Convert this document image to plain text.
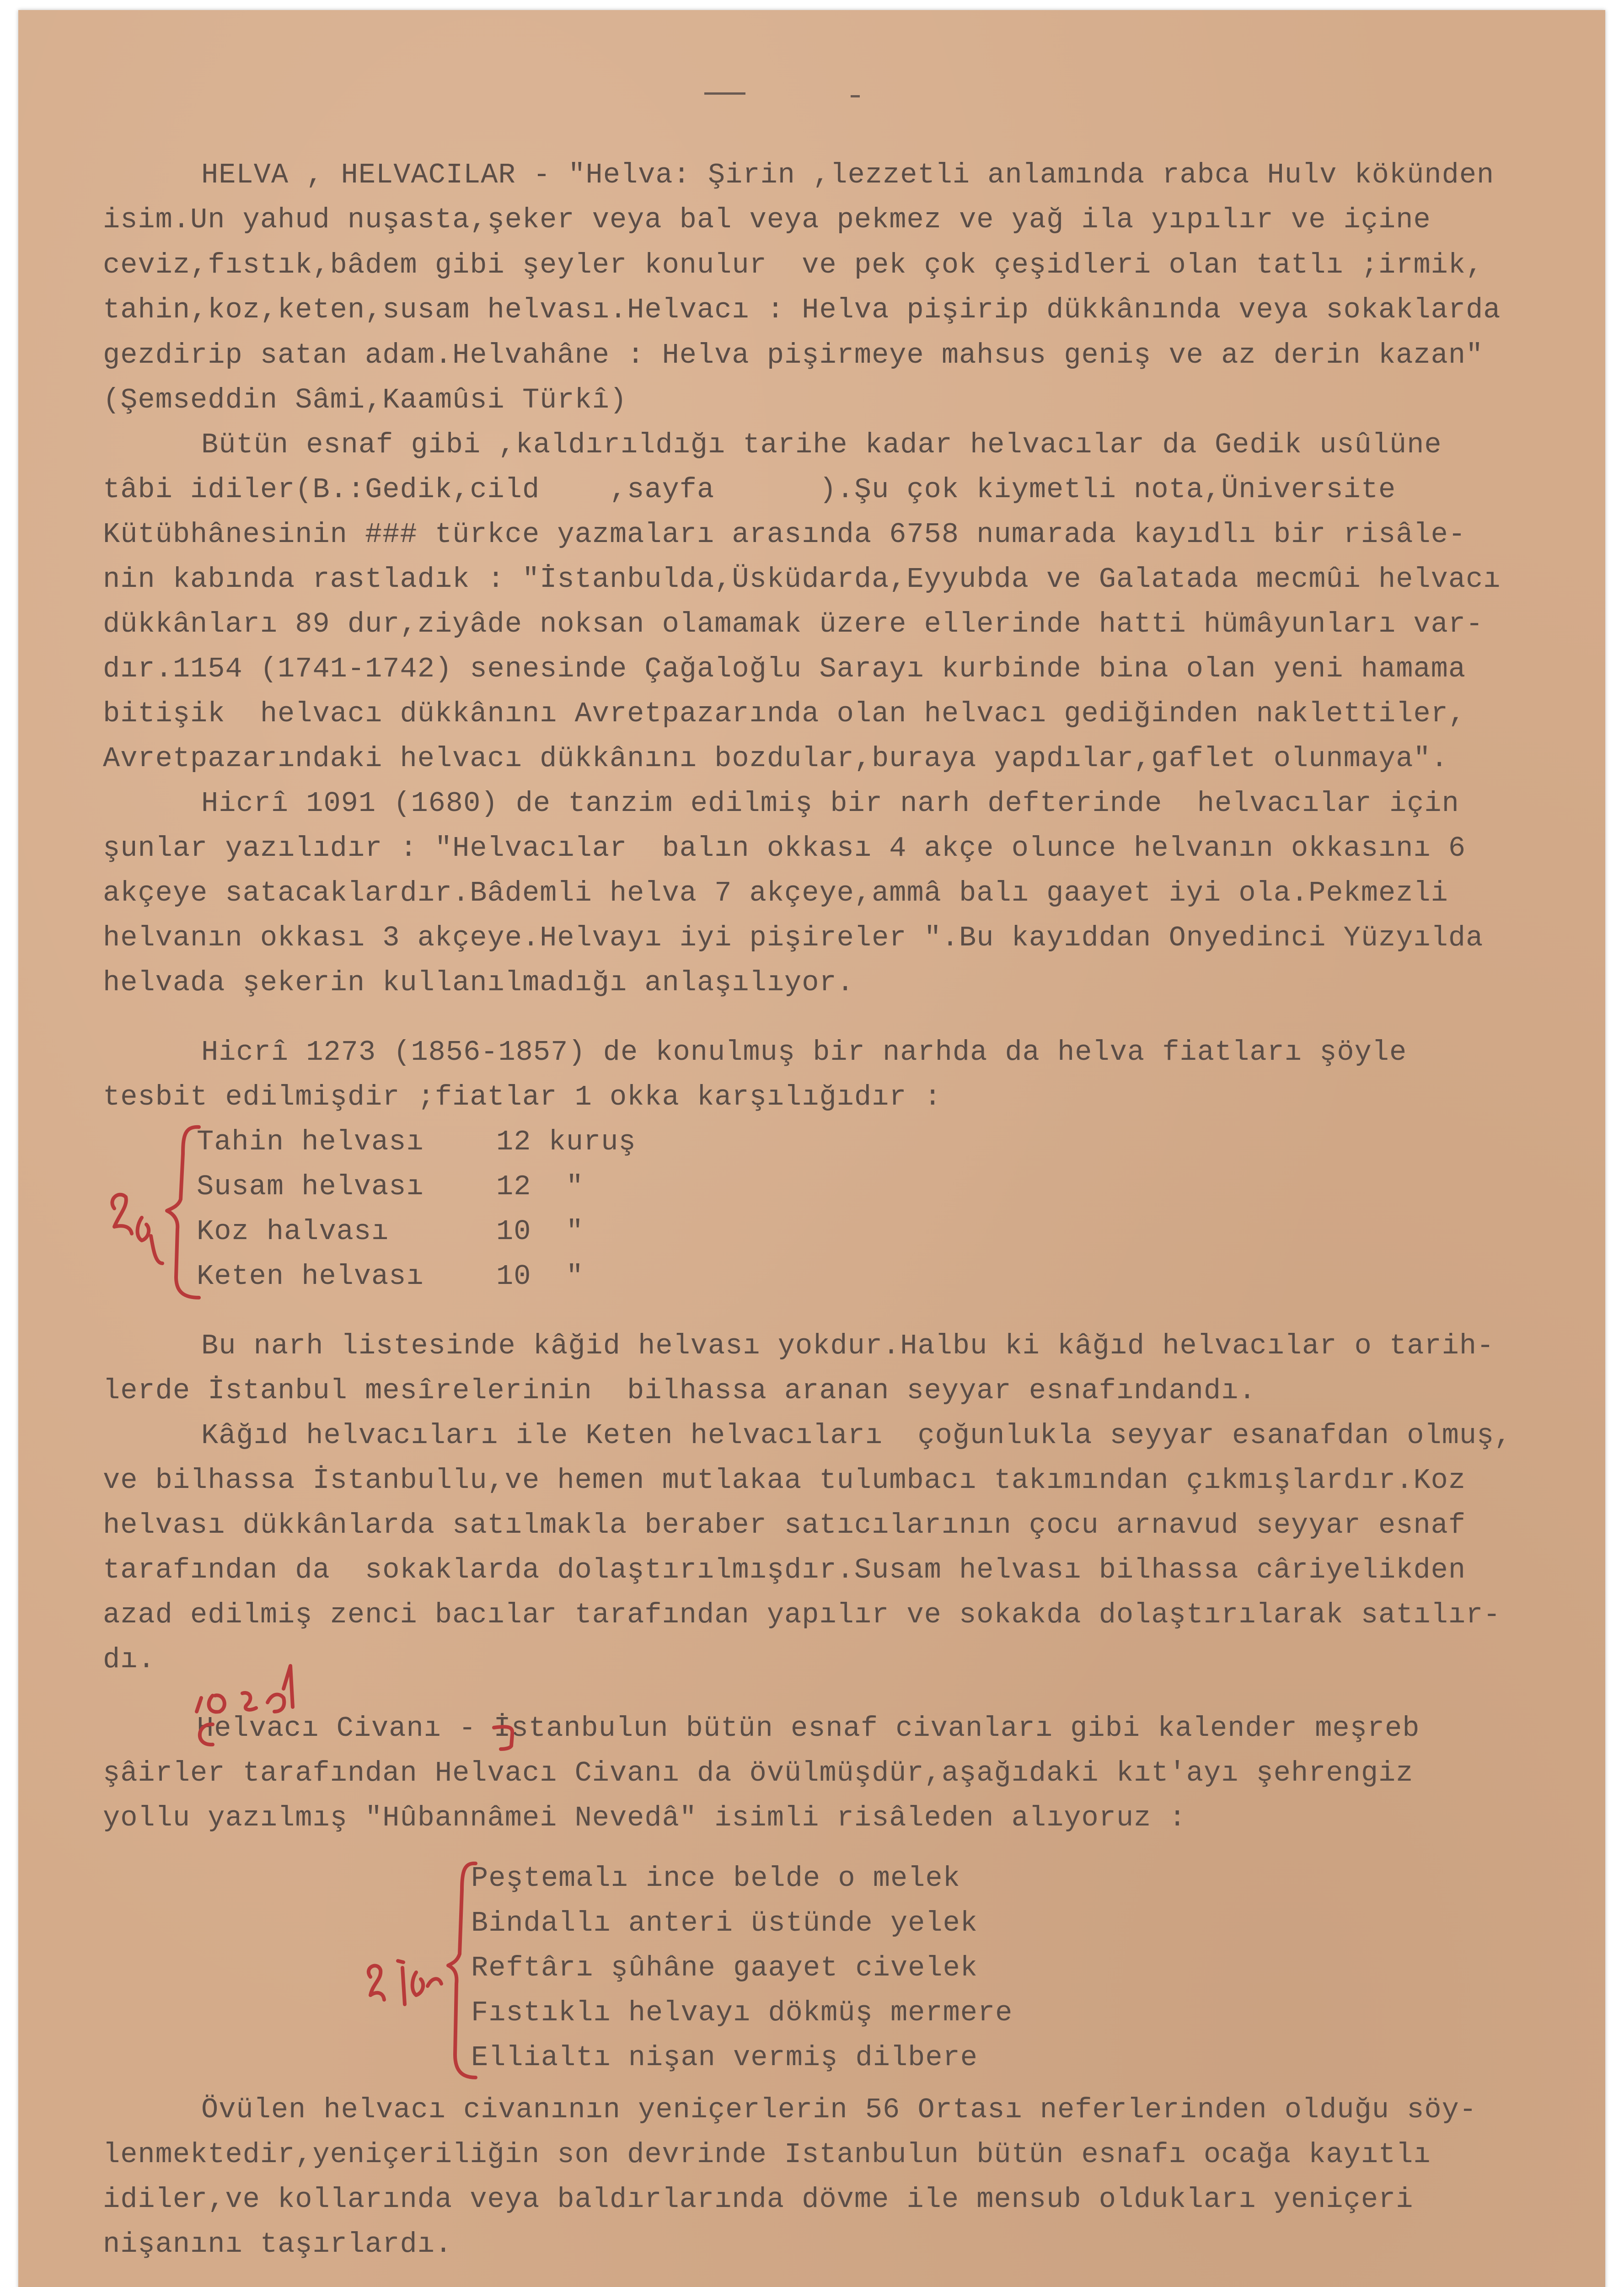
HELVA , HELVACILAR - "Helva: Şirin ,lezzetli anlamında rabca Hulv kökünden
isim.Un yahud nuşasta,şeker veya bal veya pekmez ve yağ ila yıpılır ve içine
ceviz,fıstık,bâdem gibi şeyler konulur  ve pek çok çeşidleri olan tatlı ;irmik,
tahin,koz,keten,susam helvası.Helvacı : Helva pişirip dükkânında veya sokaklarda
gezdirip satan adam.Helvahâne : Helva pişirmeye mahsus geniş ve az derin kazan"
(Şemseddin Sâmi,Kaamûsi Türkî)
Bütün esnaf gibi ,kaldırıldığı tarihe kadar helvacılar da Gedik usûlüne
tâbi idiler(B.:Gedik,cild    ,sayfa      ).Şu çok kiymetli nota,Üniversite
Kütübhânesinin ### türkce yazmaları arasında 6758 numarada kayıdlı bir risâle-
nin kabında rastladık : "İstanbulda,Üsküdarda,Eyyubda ve Galatada mecmûi helvacı
dükkânları 89 dur,ziyâde noksan olamamak üzere ellerinde hatti hümâyunları var-
dır.1154 (1741-1742) senesinde Çağaloğlu Sarayı kurbinde bina olan yeni hamama
bitişik  helvacı dükkânını Avretpazarında olan helvacı gediğinden naklettiler,
Avretpazarındaki helvacı dükkânını bozdular,buraya yapdılar,gaflet olunmaya".
Hicrî 1091 (1680) de tanzim edilmiş bir narh defterinde  helvacılar için
şunlar yazılıdır : "Helvacılar  balın okkası 4 akçe olunce helvanın okkasını 6
akçeye satacaklardır.Bâdemli helva 7 akçeye,ammâ balı gaayet iyi ola.Pekmezli
helvanın okkası 3 akçeye.Helvayı iyi pişireler ".Bu kayıddan Onyedinci Yüzyılda
helvada şekerin kullanılmadığı anlaşılıyor.
Hicrî 1273 (1856-1857) de konulmuş bir narhda da helva fiatları şöyle
tesbit edilmişdir ;fiatlar 1 okka karşılığıdır :
Tahin helvası	12 kuruş
Susam helvası	12  "
Koz halvası	10  "
Keten helvası	10  "
Bu narh listesinde kâğid helvası yokdur.Halbu ki kâğıd helvacılar o tarih-
lerde İstanbul mesîrelerinin  bilhassa aranan seyyar esnafındandı.
Kâğıd helvacıları ile Keten helvacıları  çoğunlukla seyyar esanafdan olmuş,
ve bilhassa İstanbullu,ve hemen mutlakaa tulumbacı takımından çıkmışlardır.Koz
helvası dükkânlarda satılmakla beraber satıcılarının çocu arnavud seyyar esnaf
tarafından da  sokaklarda dolaştırılmışdır.Susam helvası bilhassa câriyelikden
azad edilmiş zenci bacılar tarafından yapılır ve sokakda dolaştırılarak satılır-
dı.
Helvacı Civanı - İstanbulun bütün esnaf civanları gibi kalender meşreb
şâirler tarafından Helvacı Civanı da övülmüşdür,aşağıdaki kıt'ayı şehrengiz
yollu yazılmış "Hûbannâmei Nevedâ" isimli risâleden alıyoruz :
Peştemalı ince belde o melek
Bindallı anteri üstünde yelek
Reftârı şûhâne gaayet civelek
Fıstıklı helvayı dökmüş mermere
Ellialtı nişan vermiş dilbere
Övülen helvacı civanının yeniçerlerin 56 Ortası neferlerinden olduğu söy-
lenmektedir,yeniçeriliğin son devrinde Istanbulun bütün esnafı ocağa kayıtlı
idiler,ve kollarında veya baldırlarında dövme ile mensub oldukları yeniçeri
nişanını taşırlardı.
